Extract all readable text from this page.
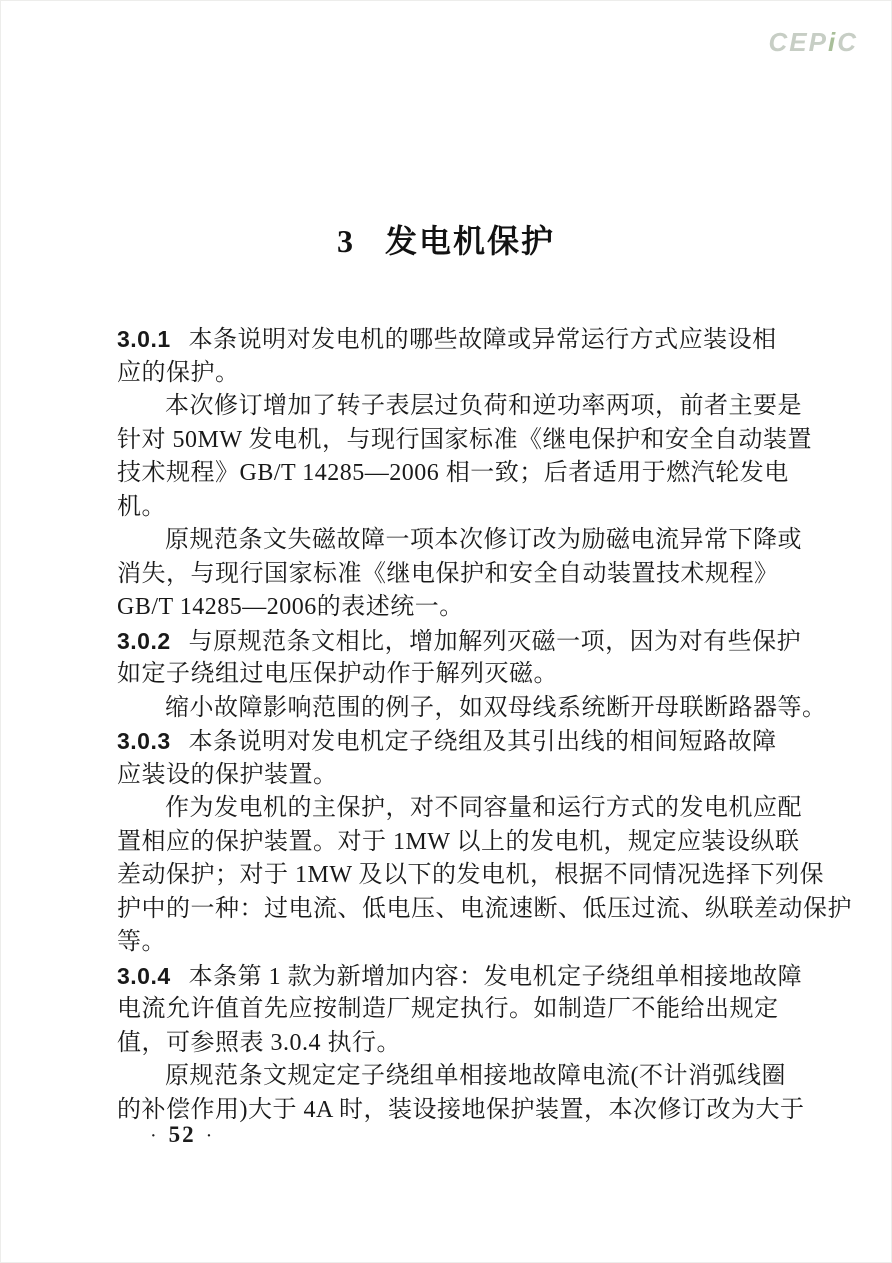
CEPiC
3 发电机保护
3.0.1 本条说明对发电机的哪些故障或异常运行方式应装设相
应的保护。
本次修订增加了转子表层过负荷和逆功率两项，前者主要是
针对 50MW 发电机，与现行国家标准《继电保护和安全自动装置
技术规程》GB/T 14285—2006 相一致；后者适用于燃汽轮发电
机。
原规范条文失磁故障一项本次修订改为励磁电流异常下降或
消失，与现行国家标准《继电保护和安全自动装置技术规程》
GB/T 14285—2006的表述统一。
3.0.2 与原规范条文相比，增加解列灭磁一项，因为对有些保护
如定子绕组过电压保护动作于解列灭磁。
缩小故障影响范围的例子，如双母线系统断开母联断路器等。
3.0.3 本条说明对发电机定子绕组及其引出线的相间短路故障
应装设的保护装置。
作为发电机的主保护，对不同容量和运行方式的发电机应配
置相应的保护装置。对于 1MW 以上的发电机，规定应装设纵联
差动保护；对于 1MW 及以下的发电机，根据不同情况选择下列保
护中的一种：过电流、低电压、电流速断、低压过流、纵联差动保护
等。
3.0.4 本条第 1 款为新增加内容：发电机定子绕组单相接地故障
电流允许值首先应按制造厂规定执行。如制造厂不能给出规定
值，可参照表 3.0.4 执行。
原规范条文规定定子绕组单相接地故障电流(不计消弧线圈
的补偿作用)大于 4A 时，装设接地保护装置，本次修订改为大于
· 52 ·
